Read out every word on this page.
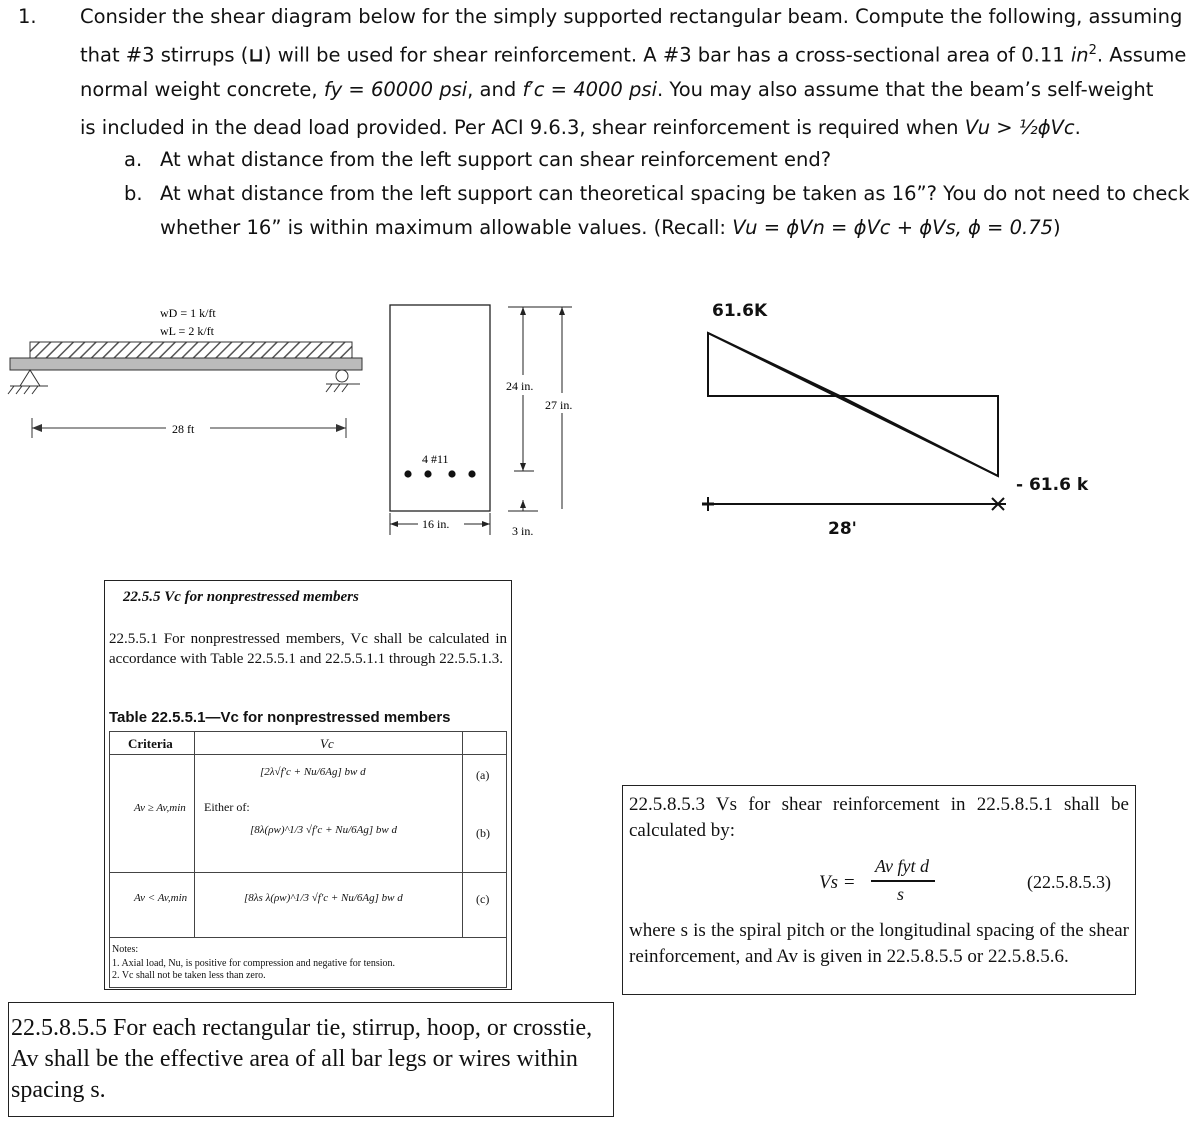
1. Consider the shear diagram below for the simply supported rectangular beam. Compute the following, assuming
that #3 stirrups (⊔) will be used for shear reinforcement. A #3 bar has a cross-sectional area of 0.11 $in^2$. Assume
normal weight concrete, fy = 60000 psi, and f′c = 4000 psi. You may also assume that the beam’s self-weight
is included in the dead load provided. Per ACI 9.6.3, shear reinforcement is required when Vu > ½ϕVc.
a. At what distance from the left support can shear reinforcement end?
b. At what distance from the left support can theoretical spacing be taken as 16”? You do not need to check
whether 16” is within maximum allowable values. (Recall: Vu = ϕVn = ϕVc + ϕVs, ϕ = 0.75)
wD = 1 k/ft
wL = 2 k/ft
28 ft
4 #11
16 in.
24 in.
27 in.
3 in.
61.6K
- 61.6 k
28'
22.5.5 Vc for nonprestressed members
22.5.5.1 For nonprestressed members, Vc shall be calculated in accordance with Table 22.5.5.1 and 22.5.5.1.1 through 22.5.5.1.3.
Table 22.5.5.1—Vc for nonprestressed members
Criteria	Vc
Av ≥ Av,min Either of:
[2λ√f′c + Nu/6Ag] bw d
[8λ(ρw)^1/3 √f′c + Nu/6Ag] bw d
[8λs λ(ρw)^1/3 √f′c + Nu/6Ag] bw d
(a)
(b)
Av < Av,min	(c)
Notes:
1. Axial load, Nu, is positive for compression and negative for tension.
2. Vc shall not be taken less than zero.
22.5.8.5.3 Vs for shear reinforcement in 22.5.8.5.1 shall be calculated by:
Vs =
Av fyt d
s
(22.5.8.5.3)
where s is the spiral pitch or the longitudinal spacing of the shear reinforcement, and Av is given in 22.5.8.5.5 or 22.5.8.5.6.
22.5.8.5.5 For each rectangular tie, stirrup, hoop, or crosstie, Av shall be the effective area of all bar legs or wires within spacing s.
